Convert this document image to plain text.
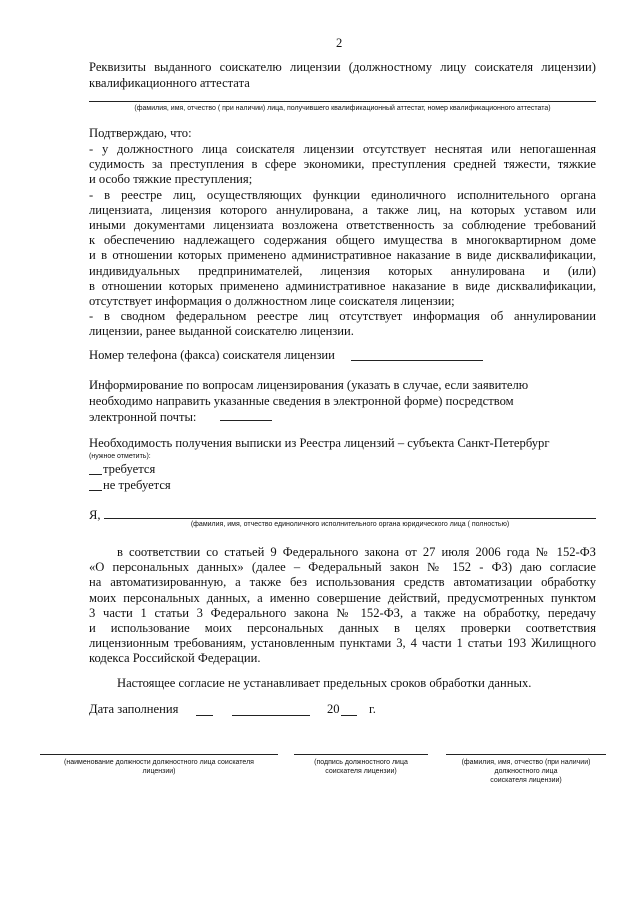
2
Реквизиты выданного соискателю лицензии (должностному лицу соискателя лицензии)
квалификационного аттестата
(фамилия, имя, отчество ( при наличии) лица, получившего квалификационный аттестат, номер квалификационного аттестата)
Подтверждаю, что:
- у должностного лица соискателя лицензии отсутствует неснятая или непогашенная
судимость за преступления в сфере экономики, преступления средней тяжести, тяжкие
и особо тяжкие преступления;
- в реестре лиц, осуществляющих функции единоличного исполнительного органа
лицензиата, лицензия которого аннулирована, а также лиц, на которых уставом или
иными документами лицензиата возложена ответственность за соблюдение требований
к обеспечению надлежащего содержания общего имущества в многоквартирном доме
и в отношении которых применено административное наказание в виде дисквалификации,
индивидуальных предпринимателей, лицензия которых аннулирована и (или)
в отношении которых применено административное наказание в виде дисквалификации,
отсутствует информация о должностном лице соискателя лицензии;
- в сводном федеральном реестре лиц отсутствует информация об аннулировании
лицензии, ранее выданной соискателю лицензии.
Номер телефона (факса) соискателя лицензии
Информирование по вопросам лицензирования (указать в случае, если заявителю
необходимо направить указанные сведения в электронной форме) посредством
электронной почты:
Необходимость получения выписки из Реестра лицензий – субъекта Санкт-Петербург
(нужное отметить):
требуется
не требуется
Я,
(фамилия, имя, отчество единоличного исполнительного органа юридического лица ( полностью)
в соответствии со статьей 9 Федерального закона от 27 июля 2006 года № 152-ФЗ
«О персональных данных» (далее – Федеральный закон № 152 - ФЗ) даю согласие
на автоматизированную, а также без использования средств автоматизации обработку
моих персональных данных, а именно совершение действий, предусмотренных пунктом
3 части 1 статьи 3 Федерального закона № 152-ФЗ, а также на обработку, передачу
и использование моих персональных данных в целях проверки соответствия
лицензионным требованиям, установленным пунктами 3, 4 части 1 статьи 193 Жилищного
кодекса Российской Федерации.
Настоящее согласие не устанавливает предельных сроков обработки данных.
Дата заполнения	20 г.
(наименование должности должностного лица соискателя
лицензии)
(подпись должностного лица
соискателя лицензии)
(фамилия, имя, отчество (при наличии)
должностного лица
соискателя лицензии)
